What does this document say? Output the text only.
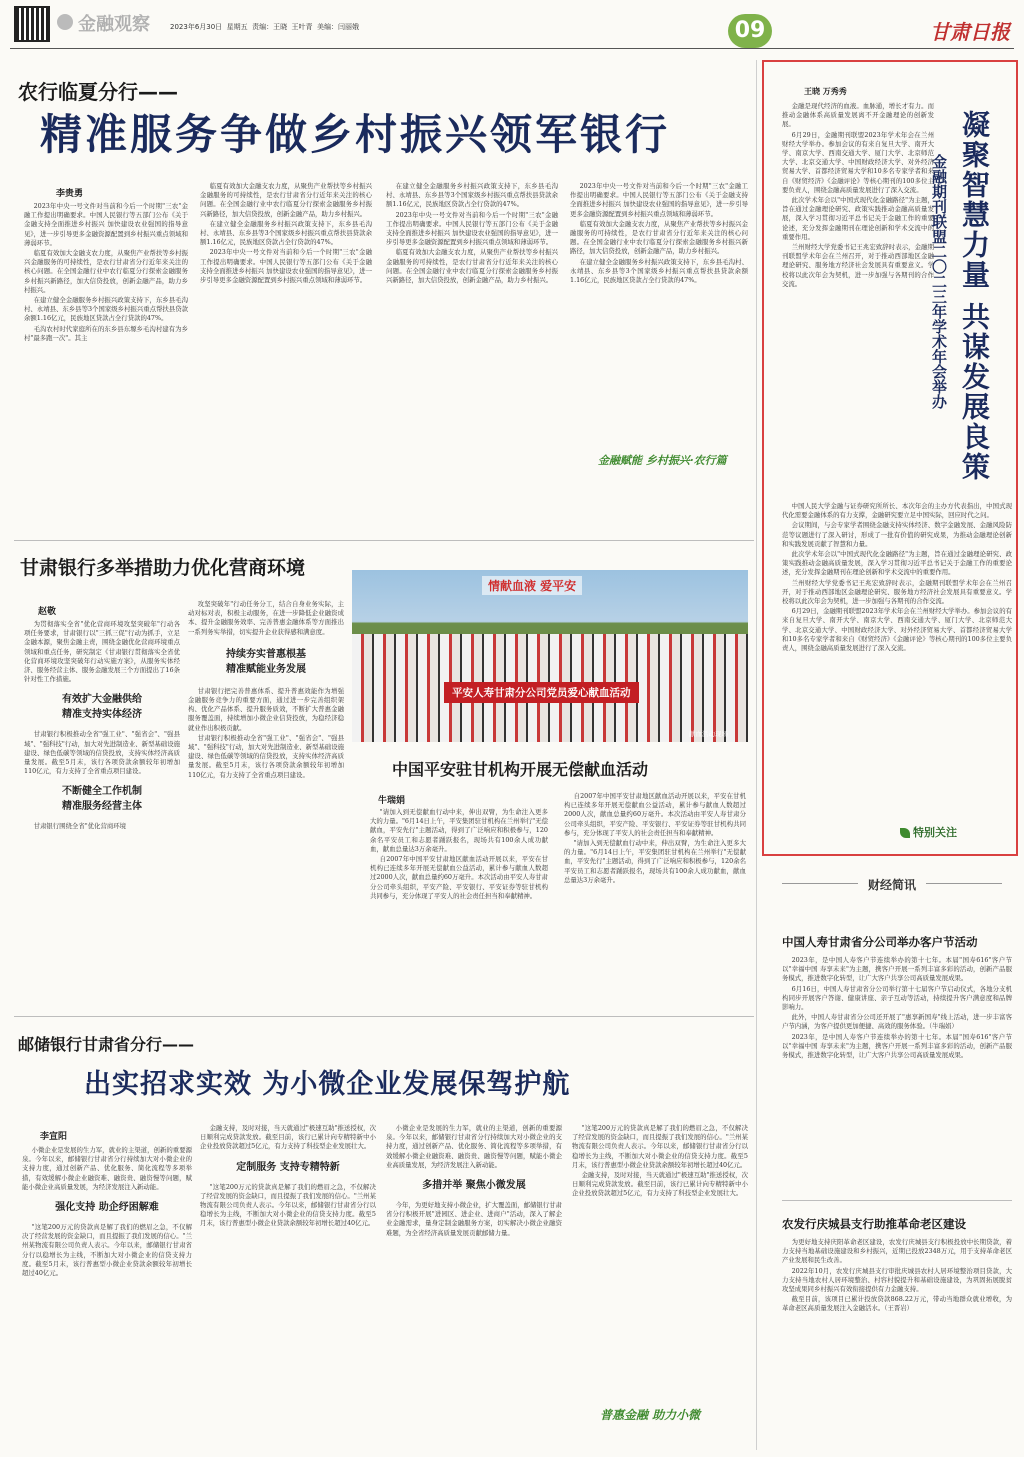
金融观察	2023年6月30日 星期五 责编：王晓 王叶青 美编：闫丽娥	09	甘肃日报
农行临夏分行——
精准服务争做乡村振兴领军银行
李贵勇

2023年中央一号文件对当前和今后一个时期"三农"金融工作提出明确要求。中国人民银行等五部门公布《关于金融支持全面推进乡村振兴 加快建设农业强国的指导意见》，进一步引导更多金融资源配置到乡村振兴重点领域和薄弱环节。

临夏有效加大金融支农力度，从聚焦产业帮扶等乡村振兴金融服务的可持续性，是农行甘肃省分行近年来关注的核心问题。在全国金融行业中农行临夏分行探索金融服务乡村振兴新路径，加大信贷投放，创新金融产品，助力乡村振兴。

在建立健全金融服务乡村振兴政策支持下，东乡县毛沟村、永靖县、东乡县等3个国家级乡村振兴重点帮扶县贷款余额1.16亿元，民族地区贷款占全行贷款的47%。

毛沟农村时代家庭所在的东乡县东塬乡毛沟村建有为乡村"最多跑一次"。其主

临夏有效加大金融支农力度，从聚焦产业帮扶等乡村振兴金融服务的可持续性，是农行甘肃省分行近年来关注的核心问题。在全国金融行业中农行临夏分行探索金融服务乡村振兴新路径，加大信贷投放，创新金融产品，助力乡村振兴。

在建立健全金融服务乡村振兴政策支持下，东乡县毛沟村、永靖县、东乡县等3个国家级乡村振兴重点帮扶县贷款余额1.16亿元，民族地区贷款占全行贷款的47%。

2023年中央一号文件对当前和今后一个时期"三农"金融工作提出明确要求。中国人民银行等五部门公布《关于金融支持全面推进乡村振兴 加快建设农业强国的指导意见》，进一步引导更多金融资源配置到乡村振兴重点领域和薄弱环节。

在建立健全金融服务乡村振兴政策支持下，东乡县毛沟村、永靖县、东乡县等3个国家级乡村振兴重点帮扶县贷款余额1.16亿元，民族地区贷款占全行贷款的47%。

2023年中央一号文件对当前和今后一个时期"三农"金融工作提出明确要求。中国人民银行等五部门公布《关于金融支持全面推进乡村振兴 加快建设农业强国的指导意见》，进一步引导更多金融资源配置到乡村振兴重点领域和薄弱环节。

临夏有效加大金融支农力度，从聚焦产业帮扶等乡村振兴金融服务的可持续性，是农行甘肃省分行近年来关注的核心问题。在全国金融行业中农行临夏分行探索金融服务乡村振兴新路径，加大信贷投放，创新金融产品，助力乡村振兴。

2023年中央一号文件对当前和今后一个时期"三农"金融工作提出明确要求。中国人民银行等五部门公布《关于金融支持全面推进乡村振兴 加快建设农业强国的指导意见》，进一步引导更多金融资源配置到乡村振兴重点领域和薄弱环节。

临夏有效加大金融支农力度，从聚焦产业帮扶等乡村振兴金融服务的可持续性，是农行甘肃省分行近年来关注的核心问题。在全国金融行业中农行临夏分行探索金融服务乡村振兴新路径，加大信贷投放，创新金融产品，助力乡村振兴。

在建立健全金融服务乡村振兴政策支持下，东乡县毛沟村、永靖县、东乡县等3个国家级乡村振兴重点帮扶县贷款余额1.16亿元，民族地区贷款占全行贷款的47%。

金融赋能 乡村振兴·农行篇
甘肃银行多举措助力优化营商环境
赵敬

为贯彻落实全省"优化营商环境攻坚突破年"行动各项任务要求，甘肃银行以"三抓三促"行动为抓手，立足金融本源，聚焦金融主责，围绕金融优化营商环境重点领域和重点任务，研究制定《甘肃银行贯彻落实全省优化营商环境攻坚突破年行动实施方案》，从服务实体经济、服务经营主体、服务金融发展三个方面提出了16条针对性工作措施。

有效扩大金融供给
精准支持实体经济

甘肃银行积极推动全省"强工业"、"强省会"、"强县域"、"强科技"行动，加大对先进制造业、新型基础设施建设、绿色低碳等领域的信贷投放，支持实体经济高质量发展。截至5月末，该行各项贷款余额较年初增加110亿元，有力支持了全省重点项目建设。

不断健全工作机制
精准服务经营主体

甘肃银行围绕全省"优化营商环境

攻坚突破年"行动任务分工，结合自身业务实际，主动对标对表，积极主动服务，在进一步降低企业融资成本、提升金融服务效率、完善普惠金融体系等方面推出一系列务实举措，切实提升企业获得感和满意度。

持续夯实普惠根基
精准赋能业务发展

甘肃银行把完善普惠体系、提升普惠效能作为增强金融服务竞争力的重要方面，通过进一步完善组织架构、优化产品体系、提升服务质效，不断扩大普惠金融服务覆盖面，持续增加小微企业信贷投放，为稳经济稳就业作出积极贡献。

甘肃银行积极推动全省"强工业"、"强省会"、"强县域"、"强科技"行动，加大对先进制造业、新型基础设施建设、绿色低碳等领域的信贷投放，支持实体经济高质量发展。截至5月末，该行各项贷款余额较年初增加110亿元，有力支持了全省重点项目建设。

情献血液 爱平安
平安人寿甘肃分公司党员爱心献血活动
献血活动现场
中国平安驻甘机构开展无偿献血活动
牛瑞娟

"请加入到无偿献血行动中来，伸出双臂，为生命注入更多大的力量。"6月14日上午，平安集团驻甘机构在兰州举行"无偿献血，平安先行"主题活动，得到了广泛响应和积极参与，120余名平安员工和志愿者踊跃报名，现场共有100余人成功献血，献血总量达3万余毫升。

自2007年中国平安甘肃地区献血活动开展以来，平安在甘机构已连续多年开展无偿献血公益活动，累计参与献血人数超过2000人次，献血总量约60万毫升。本次活动由平安人寿甘肃分公司牵头组织，平安产险、平安银行、平安证券等驻甘机构共同参与，充分体现了平安人的社会责任担当和奉献精神。

自2007年中国平安甘肃地区献血活动开展以来，平安在甘机构已连续多年开展无偿献血公益活动，累计参与献血人数超过2000人次，献血总量约60万毫升。本次活动由平安人寿甘肃分公司牵头组织，平安产险、平安银行、平安证券等驻甘机构共同参与，充分体现了平安人的社会责任担当和奉献精神。

"请加入到无偿献血行动中来，伸出双臂，为生命注入更多大的力量。"6月14日上午，平安集团驻甘机构在兰州举行"无偿献血，平安先行"主题活动，得到了广泛响应和积极参与，120余名平安员工和志愿者踊跃报名，现场共有100余人成功献血，献血总量达3万余毫升。

邮储银行甘肃省分行——
出实招求实效 为小微企业发展保驾护航
李宣阳

小微企业是发展的生力军，就业的主渠道，创新的重要源泉。今年以来，邮储银行甘肃省分行持续加大对小微企业的支持力度，通过创新产品、优化服务、简化流程等多项举措，有效缓解小微企业融资难、融资贵、融资慢等问题，赋能小微企业高质量发展，为经济发展注入新动能。

强化支持 助企纾困解难

"这笔200万元的贷款真是解了我们的燃眉之急，不仅解决了经营发展的资金缺口，而且提振了我们发展的信心。"兰州某物流有限公司负责人表示。今年以来，邮储银行甘肃省分行以稳增长为主线，不断加大对小微企业的信贷支持力度。截至5月末，该行普惠型小微企业贷款余额较年初增长超过40亿元。

金融支持，及时对接，当天就通过"极速互助"推送授权，次日顺利完成贷款发放。截至目前，该行已累计向专精特新中小企业投放贷款超过5亿元，有力支持了科技型企业发展壮大。

定制服务 支持专精特新

"这笔200万元的贷款真是解了我们的燃眉之急，不仅解决了经营发展的资金缺口，而且提振了我们发展的信心。"兰州某物流有限公司负责人表示。今年以来，邮储银行甘肃省分行以稳增长为主线，不断加大对小微企业的信贷支持力度。截至5月末，该行普惠型小微企业贷款余额较年初增长超过40亿元。

小微企业是发展的生力军，就业的主渠道，创新的重要源泉。今年以来，邮储银行甘肃省分行持续加大对小微企业的支持力度，通过创新产品、优化服务、简化流程等多项举措，有效缓解小微企业融资难、融资贵、融资慢等问题，赋能小微企业高质量发展，为经济发展注入新动能。

多措并举 聚焦小微发展

今年，为更好地支持小微企业，扩大覆盖面，邮储银行甘肃省分行积极开展"进园区、进企业、进商户"活动，深入了解企业金融需求，量身定制金融服务方案，切实解决小微企业融资难题，为全省经济高质量发展贡献邮储力量。

"这笔200万元的贷款真是解了我们的燃眉之急，不仅解决了经营发展的资金缺口，而且提振了我们发展的信心。"兰州某物流有限公司负责人表示。今年以来，邮储银行甘肃省分行以稳增长为主线，不断加大对小微企业的信贷支持力度。截至5月末，该行普惠型小微企业贷款余额较年初增长超过40亿元。

金融支持，及时对接，当天就通过"极速互助"推送授权，次日顺利完成贷款发放。截至目前，该行已累计向专精特新中小企业投放贷款超过5亿元，有力支持了科技型企业发展壮大。

普惠金融 助力小微
王晓 万秀秀

金融是现代经济的血液。血脉通，增长才有力。而推动金融体系高质量发展离不开金融理论的创新发展。

6月29日，金融期刊联盟2023年学术年会在兰州财经大学举办。参加会议的有来自复旦大学、南开大学、南京大学、西南交通大学、厦门大学、北京师范大学、北京交通大学、中国财政经济大学、对外经济贸易大学、首都经济贸易大学和10多名专家学者和来自《财贸经济》《金融评论》等核心期刊的100多位主要负责人，围绕金融高质量发展进行了深入交流。

此次学术年会以"中国式现代化金融路径"为主题，旨在通过金融理论研究、政策实践推动金融高质量发展，深入学习贯彻习近平总书记关于金融工作的重要论述，充分发挥金融期刊在理论创新和学术交流中的重要作用。

兰州财经大学党委书记王兆宏致辞时表示，金融期刊联盟学术年会在兰州召开，对于推动西部地区金融理论研究、服务地方经济社会发展具有重要意义。学校将以此次年会为契机，进一步加强与各期刊的合作交流。	凝聚智慧力量 共谋发展良策
金融期刊联盟二〇二三年学术年会举办

中国人民大学金融与证券研究所所长、本次年会的主办方代表指出，中国式现代化需要金融体系的有力支撑，金融研究要立足中国实际，回应时代之问。

会议期间，与会专家学者围绕金融支持实体经济、数字金融发展、金融风险防范等议题进行了深入研讨，形成了一批有价值的研究成果，为推动金融理论创新和实践发展贡献了智慧和力量。

此次学术年会以"中国式现代化金融路径"为主题，旨在通过金融理论研究、政策实践推动金融高质量发展，深入学习贯彻习近平总书记关于金融工作的重要论述，充分发挥金融期刊在理论创新和学术交流中的重要作用。

兰州财经大学党委书记王兆宏致辞时表示，金融期刊联盟学术年会在兰州召开，对于推动西部地区金融理论研究、服务地方经济社会发展具有重要意义。学校将以此次年会为契机，进一步加强与各期刊的合作交流。

6月29日，金融期刊联盟2023年学术年会在兰州财经大学举办。参加会议的有来自复旦大学、南开大学、南京大学、西南交通大学、厦门大学、北京师范大学、北京交通大学、中国财政经济大学、对外经济贸易大学、首都经济贸易大学和10多名专家学者和来自《财贸经济》《金融评论》等核心期刊的100多位主要负责人，围绕金融高质量发展进行了深入交流。

特别关注
财经简讯
中国人寿甘肃省分公司举办客户节活动

2023年，是中国人寿客户节连续举办的第十七年。本届"国寿616"客户节以"幸福中国 寿享未来"为主题，携客户开展一系列丰富多彩的活动，创新产品服务模式，推进数字化转型，让广大客户共享公司高质量发展成果。

6月16日，中国人寿甘肃省分公司举行第十七届客户节启动仪式，各地分支机构同步开展客户答谢、健康讲座、亲子互动等活动，持续提升客户满意度和品牌影响力。

此外，中国人寿甘肃省分公司还开展了"惠享新国寿"线上活动，进一步丰富客户节内涵，为客户提供更加便捷、高效的服务体验。（牛瑞娟）

2023年，是中国人寿客户节连续举办的第十七年。本届"国寿616"客户节以"幸福中国 寿享未来"为主题，携客户开展一系列丰富多彩的活动，创新产品服务模式，推进数字化转型，让广大客户共享公司高质量发展成果。

农发行庆城县支行助推革命老区建设

为更好地支持庆阳革命老区建设，农发行庆城县支行积极投放中长期贷款，着力支持当地基础设施建设和乡村振兴，近期已投放2348万元，用于支持革命老区产业发展和民生改善。

2022年10月，农发行庆城县支行审批庆城县农村人居环境整治项目贷款，大力支持当地农村人居环境整治、村容村貌提升和基础设施建设，为巩固拓展脱贫攻坚成果同乡村振兴有效衔接提供有力金融支持。

截至目前，该项目已累计投放贷款868.22万元，带动当地群众就业增收，为革命老区高质量发展注入金融活水。（王晋岩）
